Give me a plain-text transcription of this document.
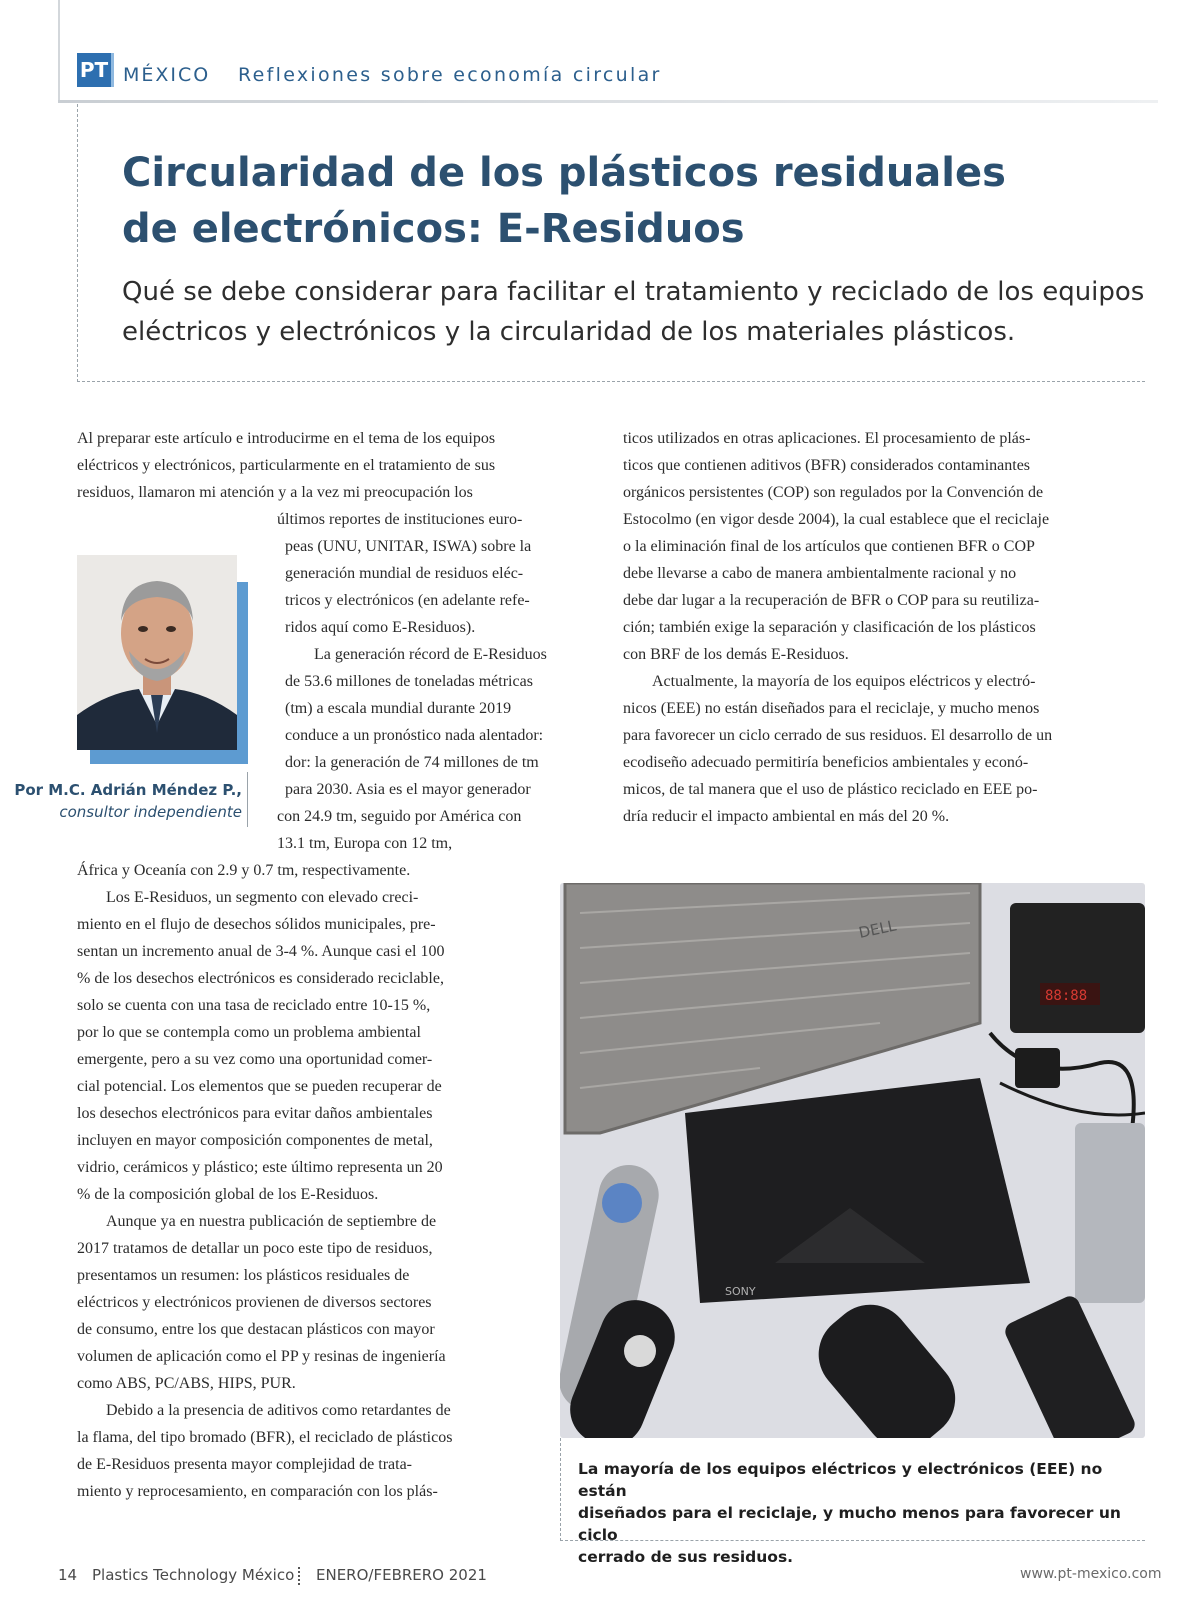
PT MÉXICO Reflexiones sobre economía circular
Circularidad de los plásticos residuales
de electrónicos: E-Residuos

Qué se debe considerar para facilitar el tratamiento y reciclado de los equipos
eléctricos y electrónicos y la circularidad de los materiales plásticos.

Por M.C. Adrián Méndez P.,
consultor independiente
Al preparar este artículo e introducirme en el tema de los equipos
eléctricos y electrónicos, particularmente en el tratamiento de sus
residuos, llamaron mi atención y a la vez mi preocupación los
últimos reportes de instituciones euro-
peas (UNU, UNITAR, ISWA) sobre la
generación mundial de residuos eléc-
tricos y electrónicos (en adelante refe-
ridos aquí como E-Residuos).
La generación récord de E-Residuos
de 53.6 millones de toneladas métricas
(tm) a escala mundial durante 2019
conduce a un pronóstico nada alentador:
dor: la generación de 74 millones de tm
para 2030. Asia es el mayor generador
con 24.9 tm, seguido por América con
13.1 tm, Europa con 12 tm,
África y Oceanía con 2.9 y 0.7 tm, respectivamente.
Los E-Residuos, un segmento con elevado creci-
miento en el flujo de desechos sólidos municipales, pre-
sentan un incremento anual de 3-4 %. Aunque casi el 100
% de los desechos electrónicos es considerado reciclable,
solo se cuenta con una tasa de reciclado entre 10-15 %,
por lo que se contempla como un problema ambiental
emergente, pero a su vez como una oportunidad comer-
cial potencial. Los elementos que se pueden recuperar de
los desechos electrónicos para evitar daños ambientales
incluyen en mayor composición componentes de metal,
vidrio, cerámicos y plástico; este último representa un 20
% de la composición global de los E-Residuos.
Aunque ya en nuestra publicación de septiembre de
2017 tratamos de detallar un poco este tipo de residuos,
presentamos un resumen: los plásticos residuales de
eléctricos y electrónicos provienen de diversos sectores
de consumo, entre los que destacan plásticos con mayor
volumen de aplicación como el PP y resinas de ingeniería
como ABS, PC/ABS, HIPS, PUR.
Debido a la presencia de aditivos como retardantes de
la flama, del tipo bromado (BFR), el reciclado de plásticos
de E-Residuos presenta mayor complejidad de trata-
miento y reprocesamiento, en comparación con los plás-
ticos utilizados en otras aplicaciones. El procesamiento de plás-
ticos que contienen aditivos (BFR) considerados contaminantes
orgánicos persistentes (COP) son regulados por la Convención de
Estocolmo (en vigor desde 2004), la cual establece que el reciclaje
o la eliminación final de los artículos que contienen BFR o COP
debe llevarse a cabo de manera ambientalmente racional y no
debe dar lugar a la recuperación de BFR o COP para su reutiliza-
ción; también exige la separación y clasificación de los plásticos
con BRF de los demás E-Residuos.
Actualmente, la mayoría de los equipos eléctricos y electró-
nicos (EEE) no están diseñados para el reciclaje, y mucho menos
para favorecer un ciclo cerrado de sus residuos. El desarrollo de un
ecodiseño adecuado permitiría beneficios ambientales y econó-
micos, de tal manera que el uso de plástico reciclado en EEE po-
dría reducir el impacto ambiental en más del 20 %.
DELL
88:88
SONY

La mayoría de los equipos eléctricos y electrónicos (EEE) no están
diseñados para el reciclaje, y mucho menos para favorecer un ciclo
cerrado de sus residuos.

14 Plastics Technology México ENERO/FEBRERO 2021	www.pt-mexico.com
